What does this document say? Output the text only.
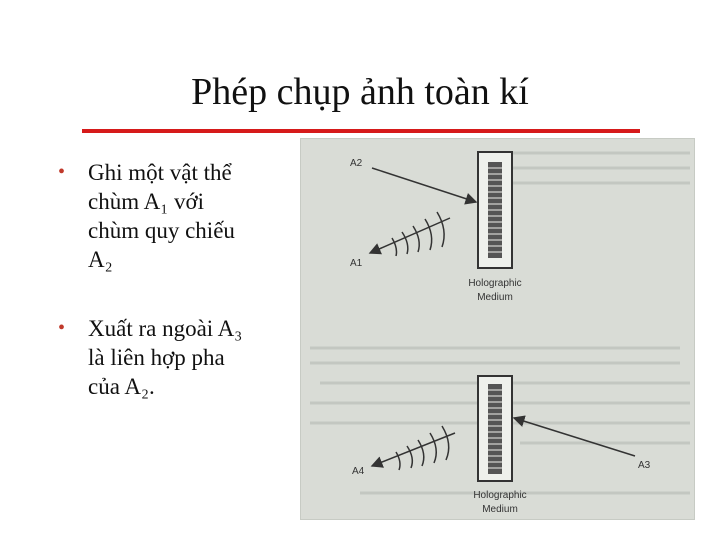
Phép chụp ảnh toàn kí
• Ghi một vật thể
chùm A₁ với
chùm quy chiếu
A₂
• Xuất ra ngoài A₃
là liên hợp pha
của A₂.
A2
A1
Holographic
Medium
A4
A3
Holographic
Medium
